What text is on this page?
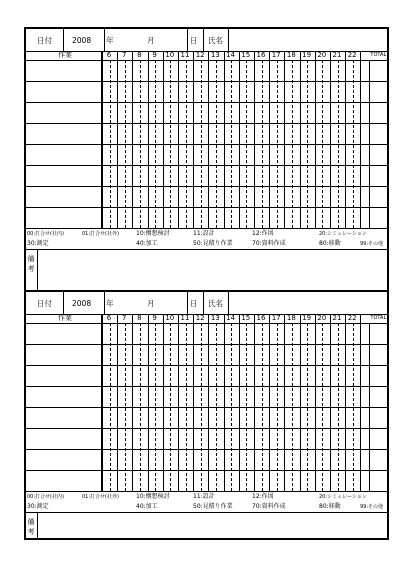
日付	2008 年	月	日 氏名
作業	6	7	8	9	10 11 12 13 14 15 16 17 18 19 20 21 22	TOTAL
00:打合せ(社内)	01:打合せ(社外)	10:構想検討	11:設計	12:作図	20:シミュレーション
30:測定	40:加工	50:見積り作業	70:資料作成	80:移動	99:その他
備
考
日付	2008 年	月	日 氏名
作業	6	7	8	9	10 11 12 13 14 15 16 17 18 19 20 21 22	TOTAL
00:打合せ(社内)	01:打合せ(社外)	10:構想検討	11:設計	12:作図	20:シミュレーション
30:測定	40:加工	50:見積り作業	70:資料作成	80:移動	99:その他
備
考
